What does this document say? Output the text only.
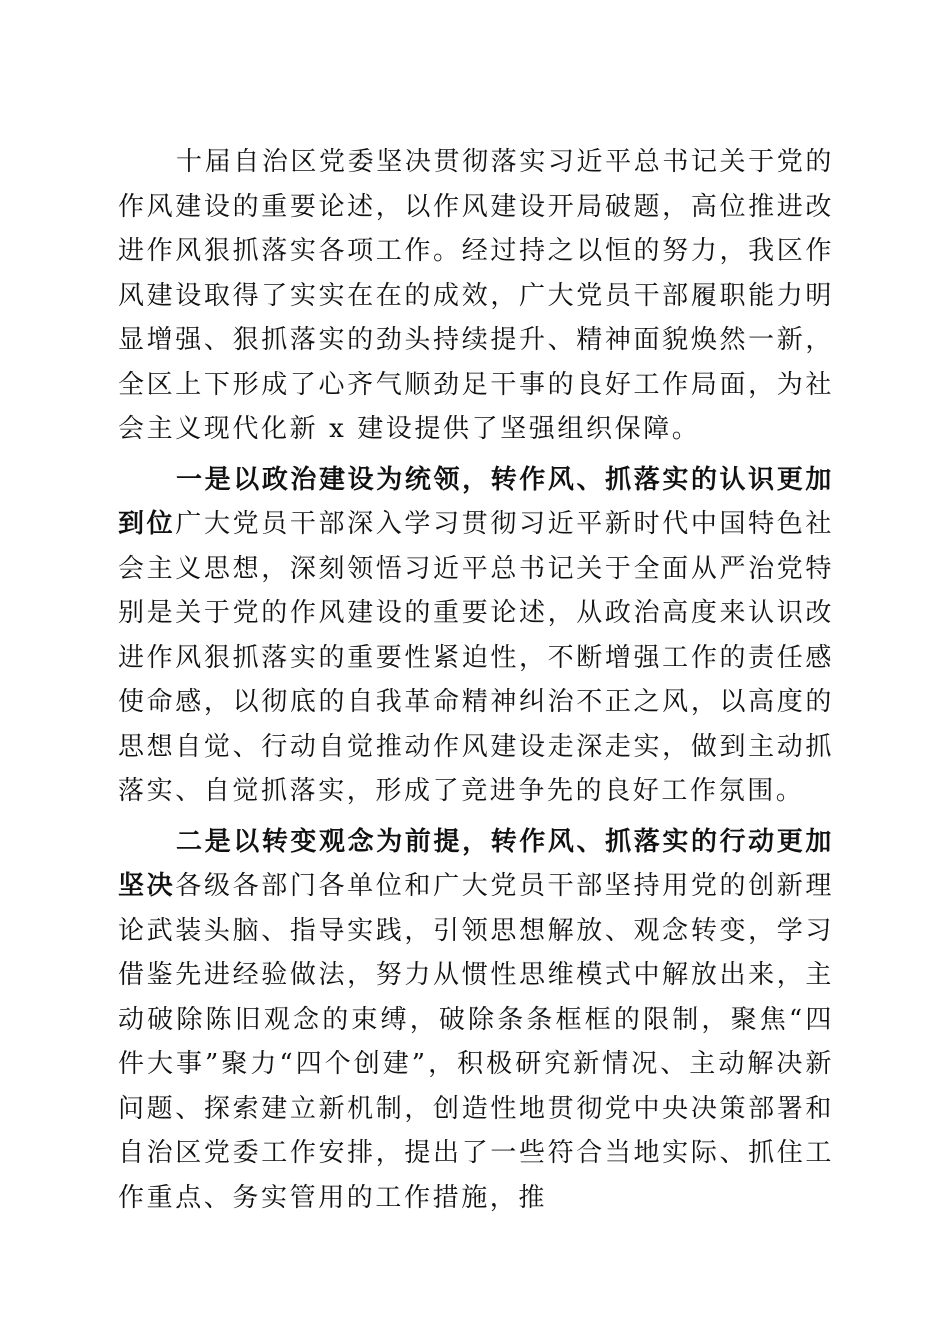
十届自治区党委坚决贯彻落实习近平总书记关于党的作风建设的重要论述，以作风建设开局破题，高位推进改进作风狠抓落实各项工作。经过持之以恒的努力，我区作风建设取得了实实在在的成效，广大党员干部履职能力明显增强、狠抓落实的劲头持续提升、精神面貌焕然一新，全区上下形成了心齐气顺劲足干事的良好工作局面，为社会主义现代化新 x 建设提供了坚强组织保障。

一是以政治建设为统领，转作风、抓落实的认识更加到位广大党员干部深入学习贯彻习近平新时代中国特色社会主义思想，深刻领悟习近平总书记关于全面从严治党特别是关于党的作风建设的重要论述，从政治高度来认识改进作风狠抓落实的重要性紧迫性，不断增强工作的责任感使命感，以彻底的自我革命精神纠治不正之风，以高度的思想自觉、行动自觉推动作风建设走深走实，做到主动抓落实、自觉抓落实，形成了竞进争先的良好工作氛围。

二是以转变观念为前提，转作风、抓落实的行动更加坚决各级各部门各单位和广大党员干部坚持用党的创新理论武装头脑、指导实践，引领思想解放、观念转变，学习借鉴先进经验做法，努力从惯性思维模式中解放出来，主动破除陈旧观念的束缚，破除条条框框的限制，聚焦“四件大事”聚力“四个创建”，积极研究新情况、主动解决新问题、探索建立新机制，创造性地贯彻党中央决策部署和自治区党委工作安排，提出了一些符合当地实际、抓住工作重点、务实管用的工作措施，推
